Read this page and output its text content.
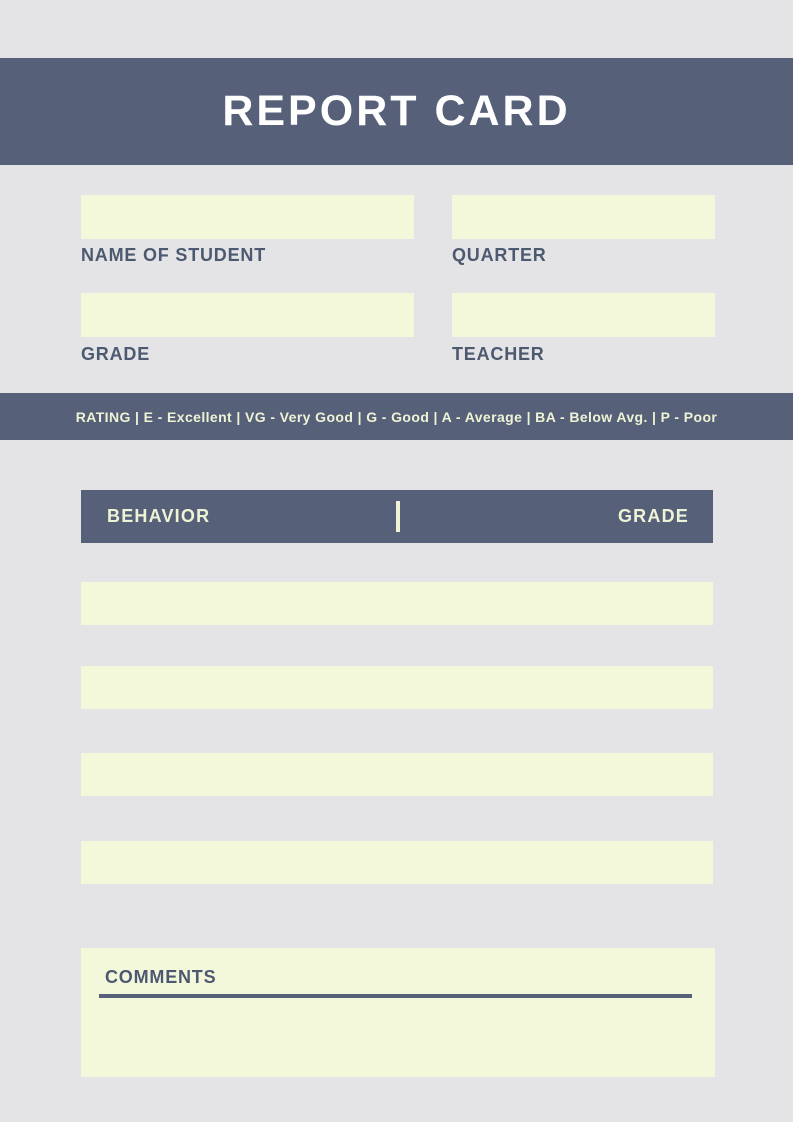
REPORT CARD
NAME OF STUDENT	QUARTER
GRADE	TEACHER
RATING | E - Excellent | VG - Very Good | G - Good | A - Average | BA - Below Avg. | P - Poor
BEHAVIOR	GRADE
COMMENTS
